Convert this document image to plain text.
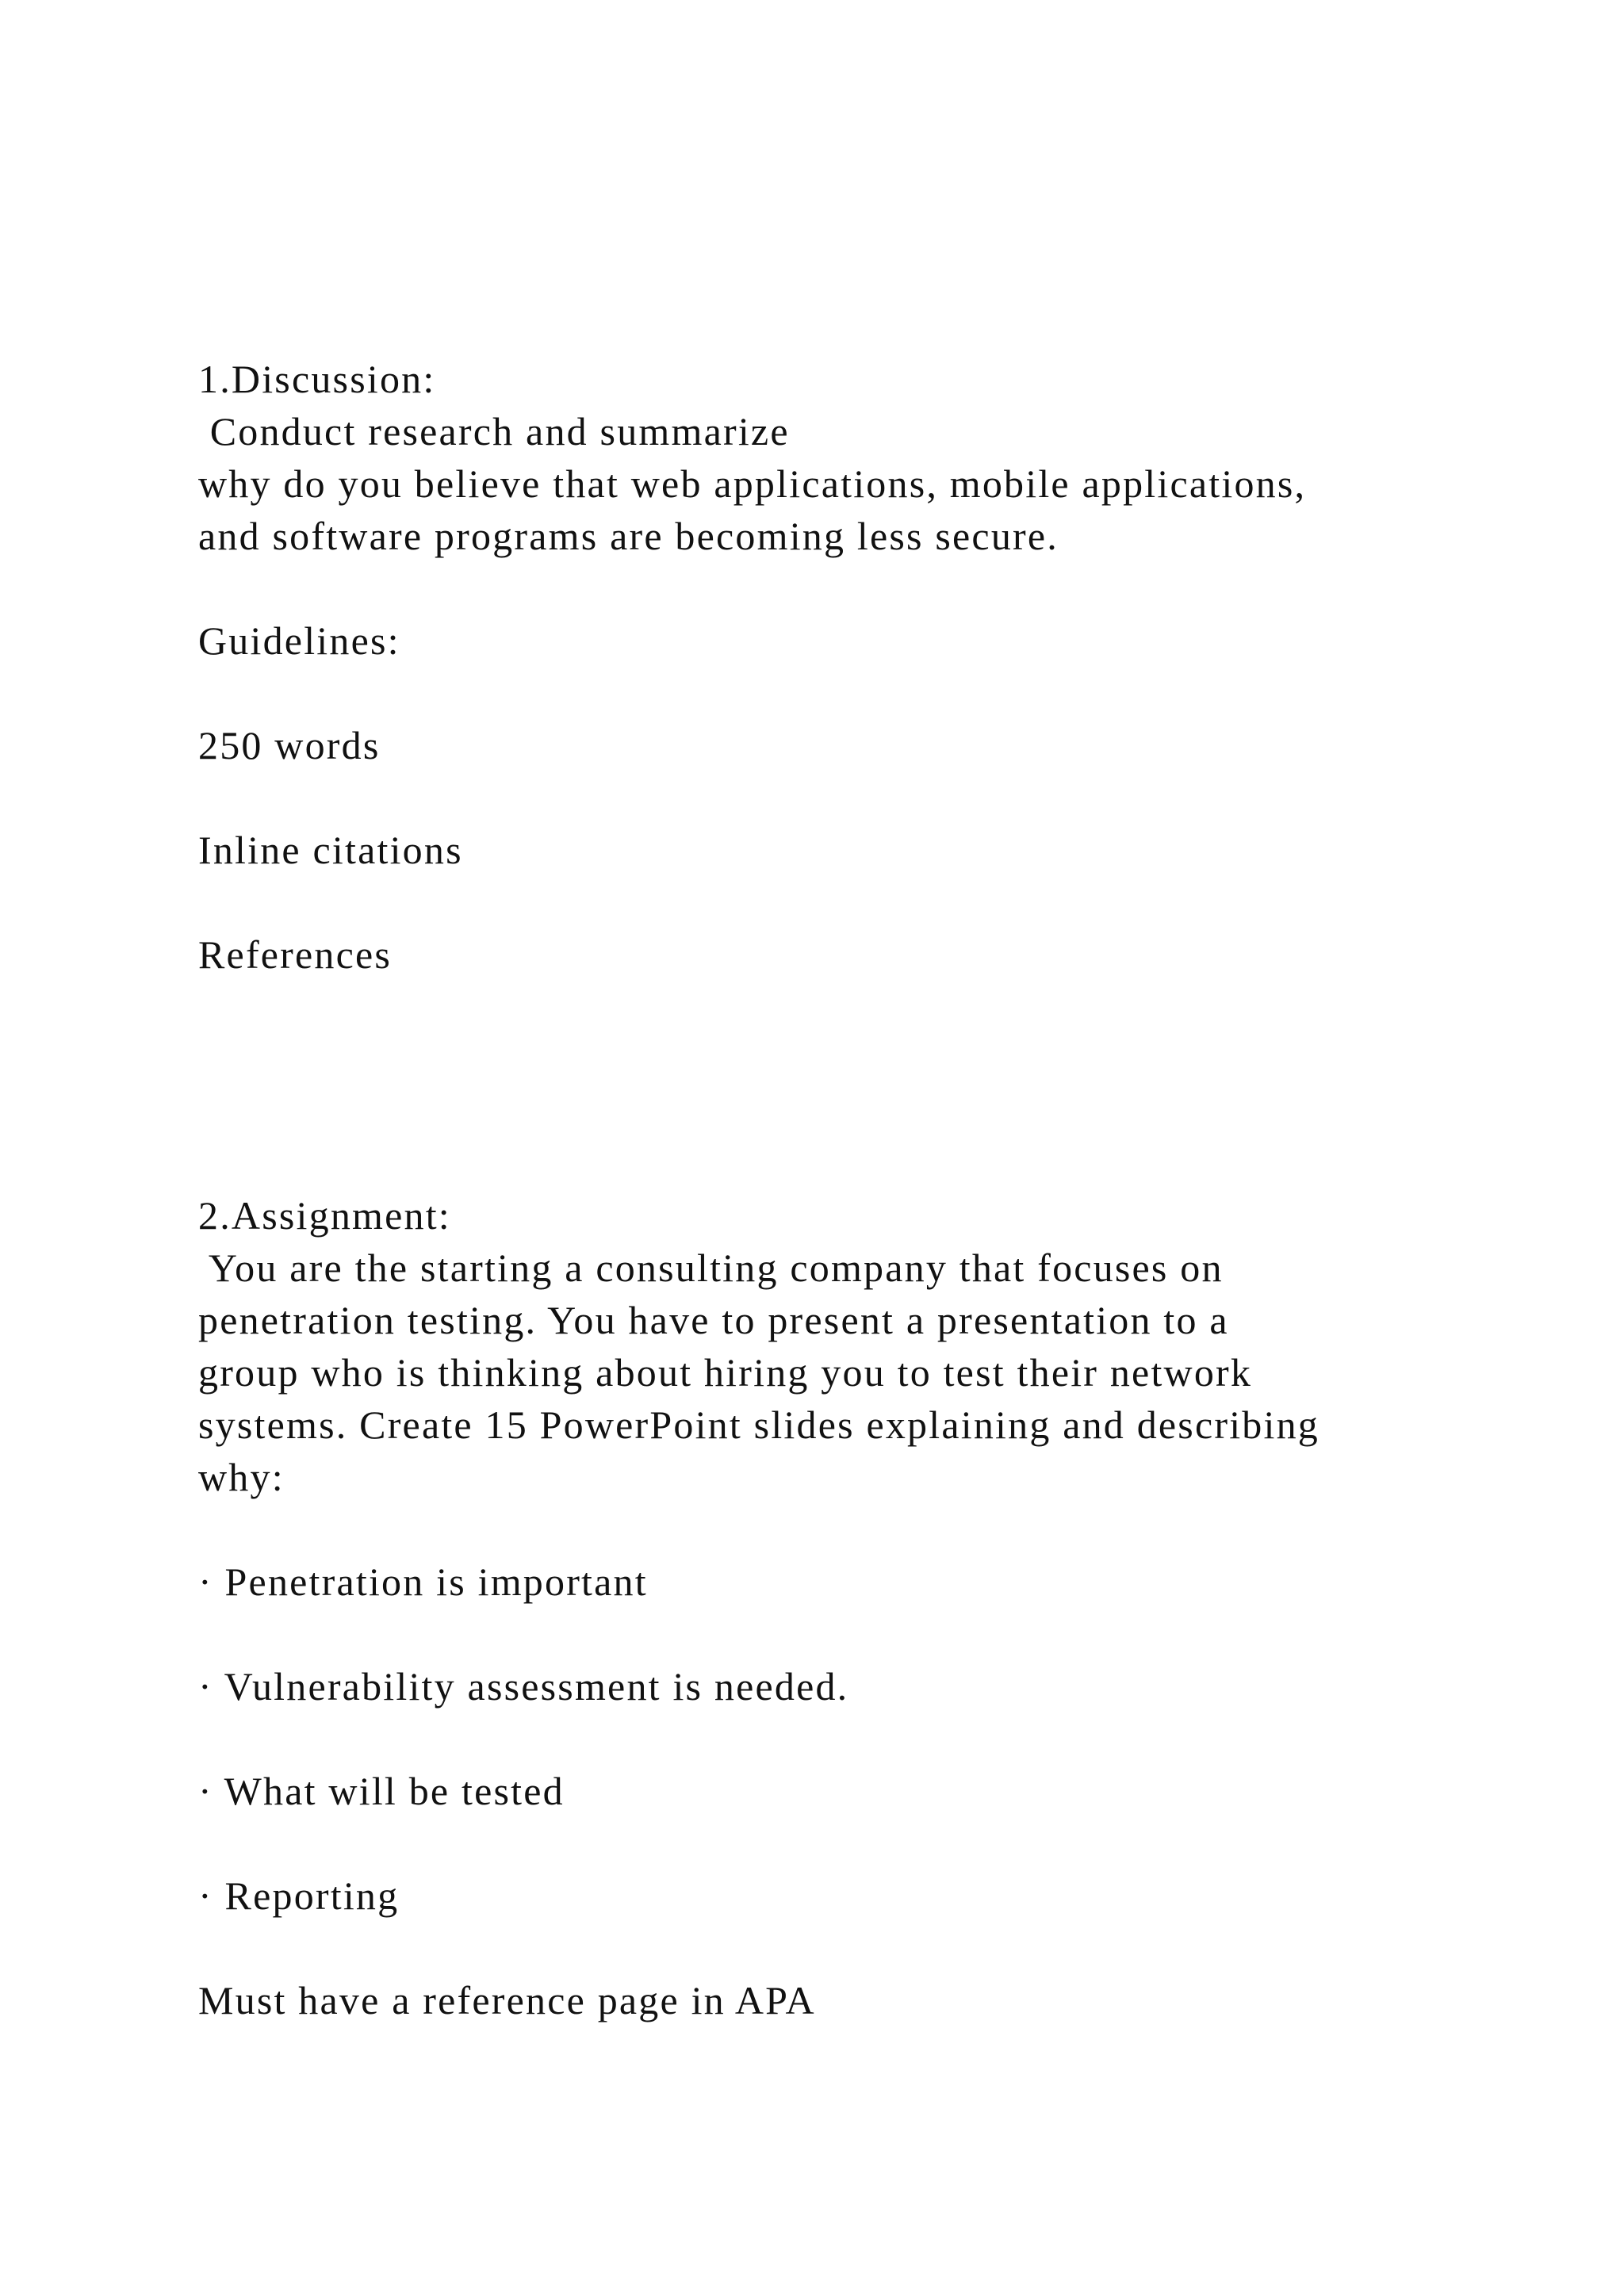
1.Discussion:

Conduct research and summarize

why do you believe that web applications, mobile applications,

and software programs are becoming less secure.

Guidelines:

250 words

Inline citations

References

2.Assignment:

You are the starting a consulting company that focuses on

penetration testing. You have to present a presentation to a

group who is thinking about hiring you to test their network

systems. Create 15 PowerPoint slides explaining and describing

why:

· Penetration is important

· Vulnerability assessment is needed.

· What will be tested

· Reporting

Must have a reference page in APA
